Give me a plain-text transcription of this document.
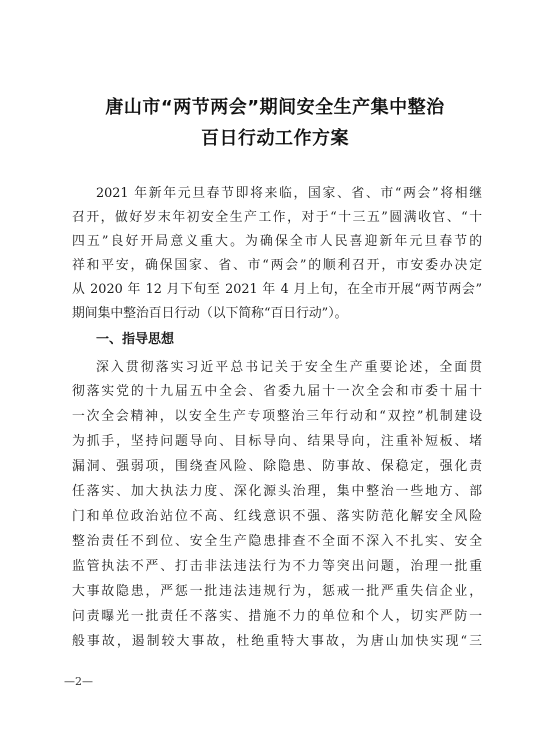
唐山市“两节两会”期间安全生产集中整治
百日行动工作方案
2021 年新年元旦春节即将来临，国家、省、市“两会”将相继
召开，做好岁末年初安全生产工作，对于“十三五”圆满收官、“十
四五”良好开局意义重大。为确保全市人民喜迎新年元旦春节的
祥和平安，确保国家、省、市“两会”的顺利召开，市安委办决定
从 2020 年 12 月下旬至 2021 年 4 月上旬，在全市开展“两节两会”
期间集中整治百日行动（以下简称“百日行动”）。
一、指导思想
深入贯彻落实习近平总书记关于安全生产重要论述，全面贯
彻落实党的十九届五中全会、省委九届十一次全会和市委十届十
一次全会精神，以安全生产专项整治三年行动和“双控”机制建设
为抓手，坚持问题导向、目标导向、结果导向，注重补短板、堵
漏洞、强弱项，围绕查风险、除隐患、防事故、保稳定，强化责
任落实、加大执法力度、深化源头治理，集中整治一些地方、部
门和单位政治站位不高、红线意识不强、落实防范化解安全风险
整治责任不到位、安全生产隐患排查不全面不深入不扎实、安全
监管执法不严、打击非法违法行为不力等突出问题，治理一批重
大事故隐患，严惩一批违法违规行为，惩戒一批严重失信企业，
问责曝光一批责任不落实、措施不力的单位和个人，切实严防一
般事故，遏制较大事故，杜绝重特大事故，为唐山加快实现“三
—2—
